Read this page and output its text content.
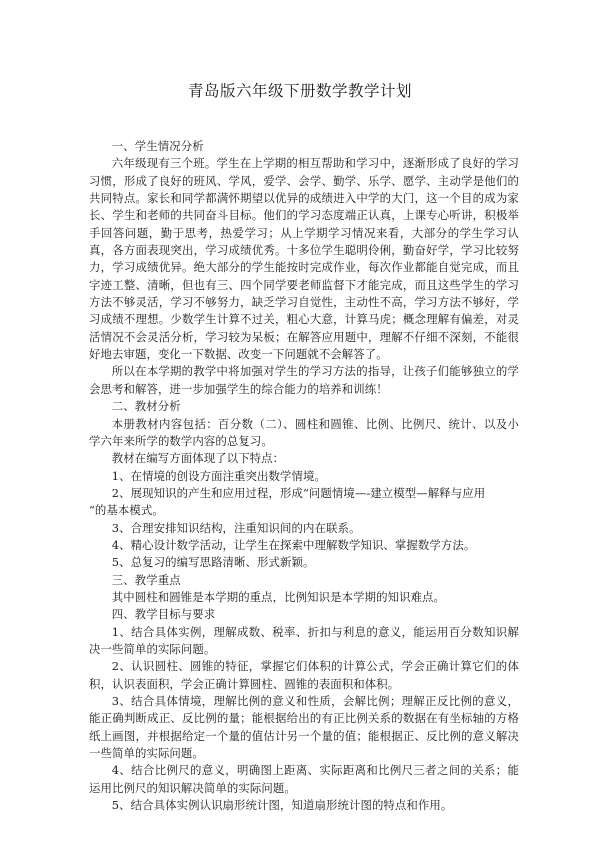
青岛版六年级下册数学教学计划

一、学生情况分析

六年级现有三个班。学生在上学期的相互帮助和学习中，逐渐形成了良好的学习习惯，形成了良好的班风、学风，爱学、会学、勤学、乐学、愿学、主动学是他们的共同特点。家长和同学都满怀期望以优异的成绩进入中学的大门，这一个目的成为家长、学生和老师的共同奋斗目标。他们的学习态度端正认真，上课专心听讲，积极举手回答问题，勤于思考，热爱学习；从上学期学习情况来看，大部分的学生学习认真，各方面表现突出，学习成绩优秀。十多位学生聪明伶俐，勤奋好学，学习比较努力，学习成绩优异。绝大部分的学生能按时完成作业，每次作业都能自觉完成，而且字迹工整、清晰，但也有三、四个同学要老师监督下才能完成，而且这些学生的学习方法不够灵活，学习不够努力，缺乏学习自觉性，主动性不高，学习方法不够好，学习成绩不理想。少数学生计算不过关，粗心大意，计算马虎；概念理解有偏差，对灵活情况不会灵活分析，学习较为呆板；在解答应用题中，理解不仔细不深刻，不能很好地去审题，变化一下数据、改变一下问题就不会解答了。

所以在本学期的教学中将加强对学生的学习方法的指导，让孩子们能够独立的学会思考和解答，进一步加强学生的综合能力的培养和训练！

二、教材分析

本册教材内容包括：百分数（二）、圆柱和圆锥、比例、比例尺、统计、以及小学六年来所学的数学内容的总复习。

教材在编写方面体现了以下特点：

1、在情境的创设方面注重突出数学情境。

2、展现知识的产生和应用过程，形成“问题情境—-建立模型—解释与应用

“的基本模式。

3、合理安排知识结构，注重知识间的内在联系。

4、精心设计数学活动，让学生在探索中理解数学知识、掌握数学方法。

5、总复习的编写思路清晰、形式新颖。

三、教学重点

其中圆柱和圆锥是本学期的重点，比例知识是本学期的知识难点。

四、教学目标与要求

1、结合具体实例，理解成数、税率、折扣与利息的意义，能运用百分数知识解决一些简单的实际问题。

2、认识圆柱、圆锥的特征，掌握它们体积的计算公式，学会正确计算它们的体积，认识表面积，学会正确计算圆柱、圆锥的表面积和体积。

3、结合具体情境，理解比例的意义和性质，会解比例；理解正反比例的意义，能正确判断成正、反比例的量；能根据给出的有正比例关系的数据在有坐标轴的方格纸上画图，并根据给定一个量的值估计另一个量的值；能根据正、反比例的意义解决一些简单的实际问题。

4、结合比例尺的意义，明确图上距离、实际距离和比例尺三者之间的关系；能运用比例尺的知识解决简单的实际问题。

5、结合具体实例认识扇形统计图，知道扇形统计图的特点和作用。
